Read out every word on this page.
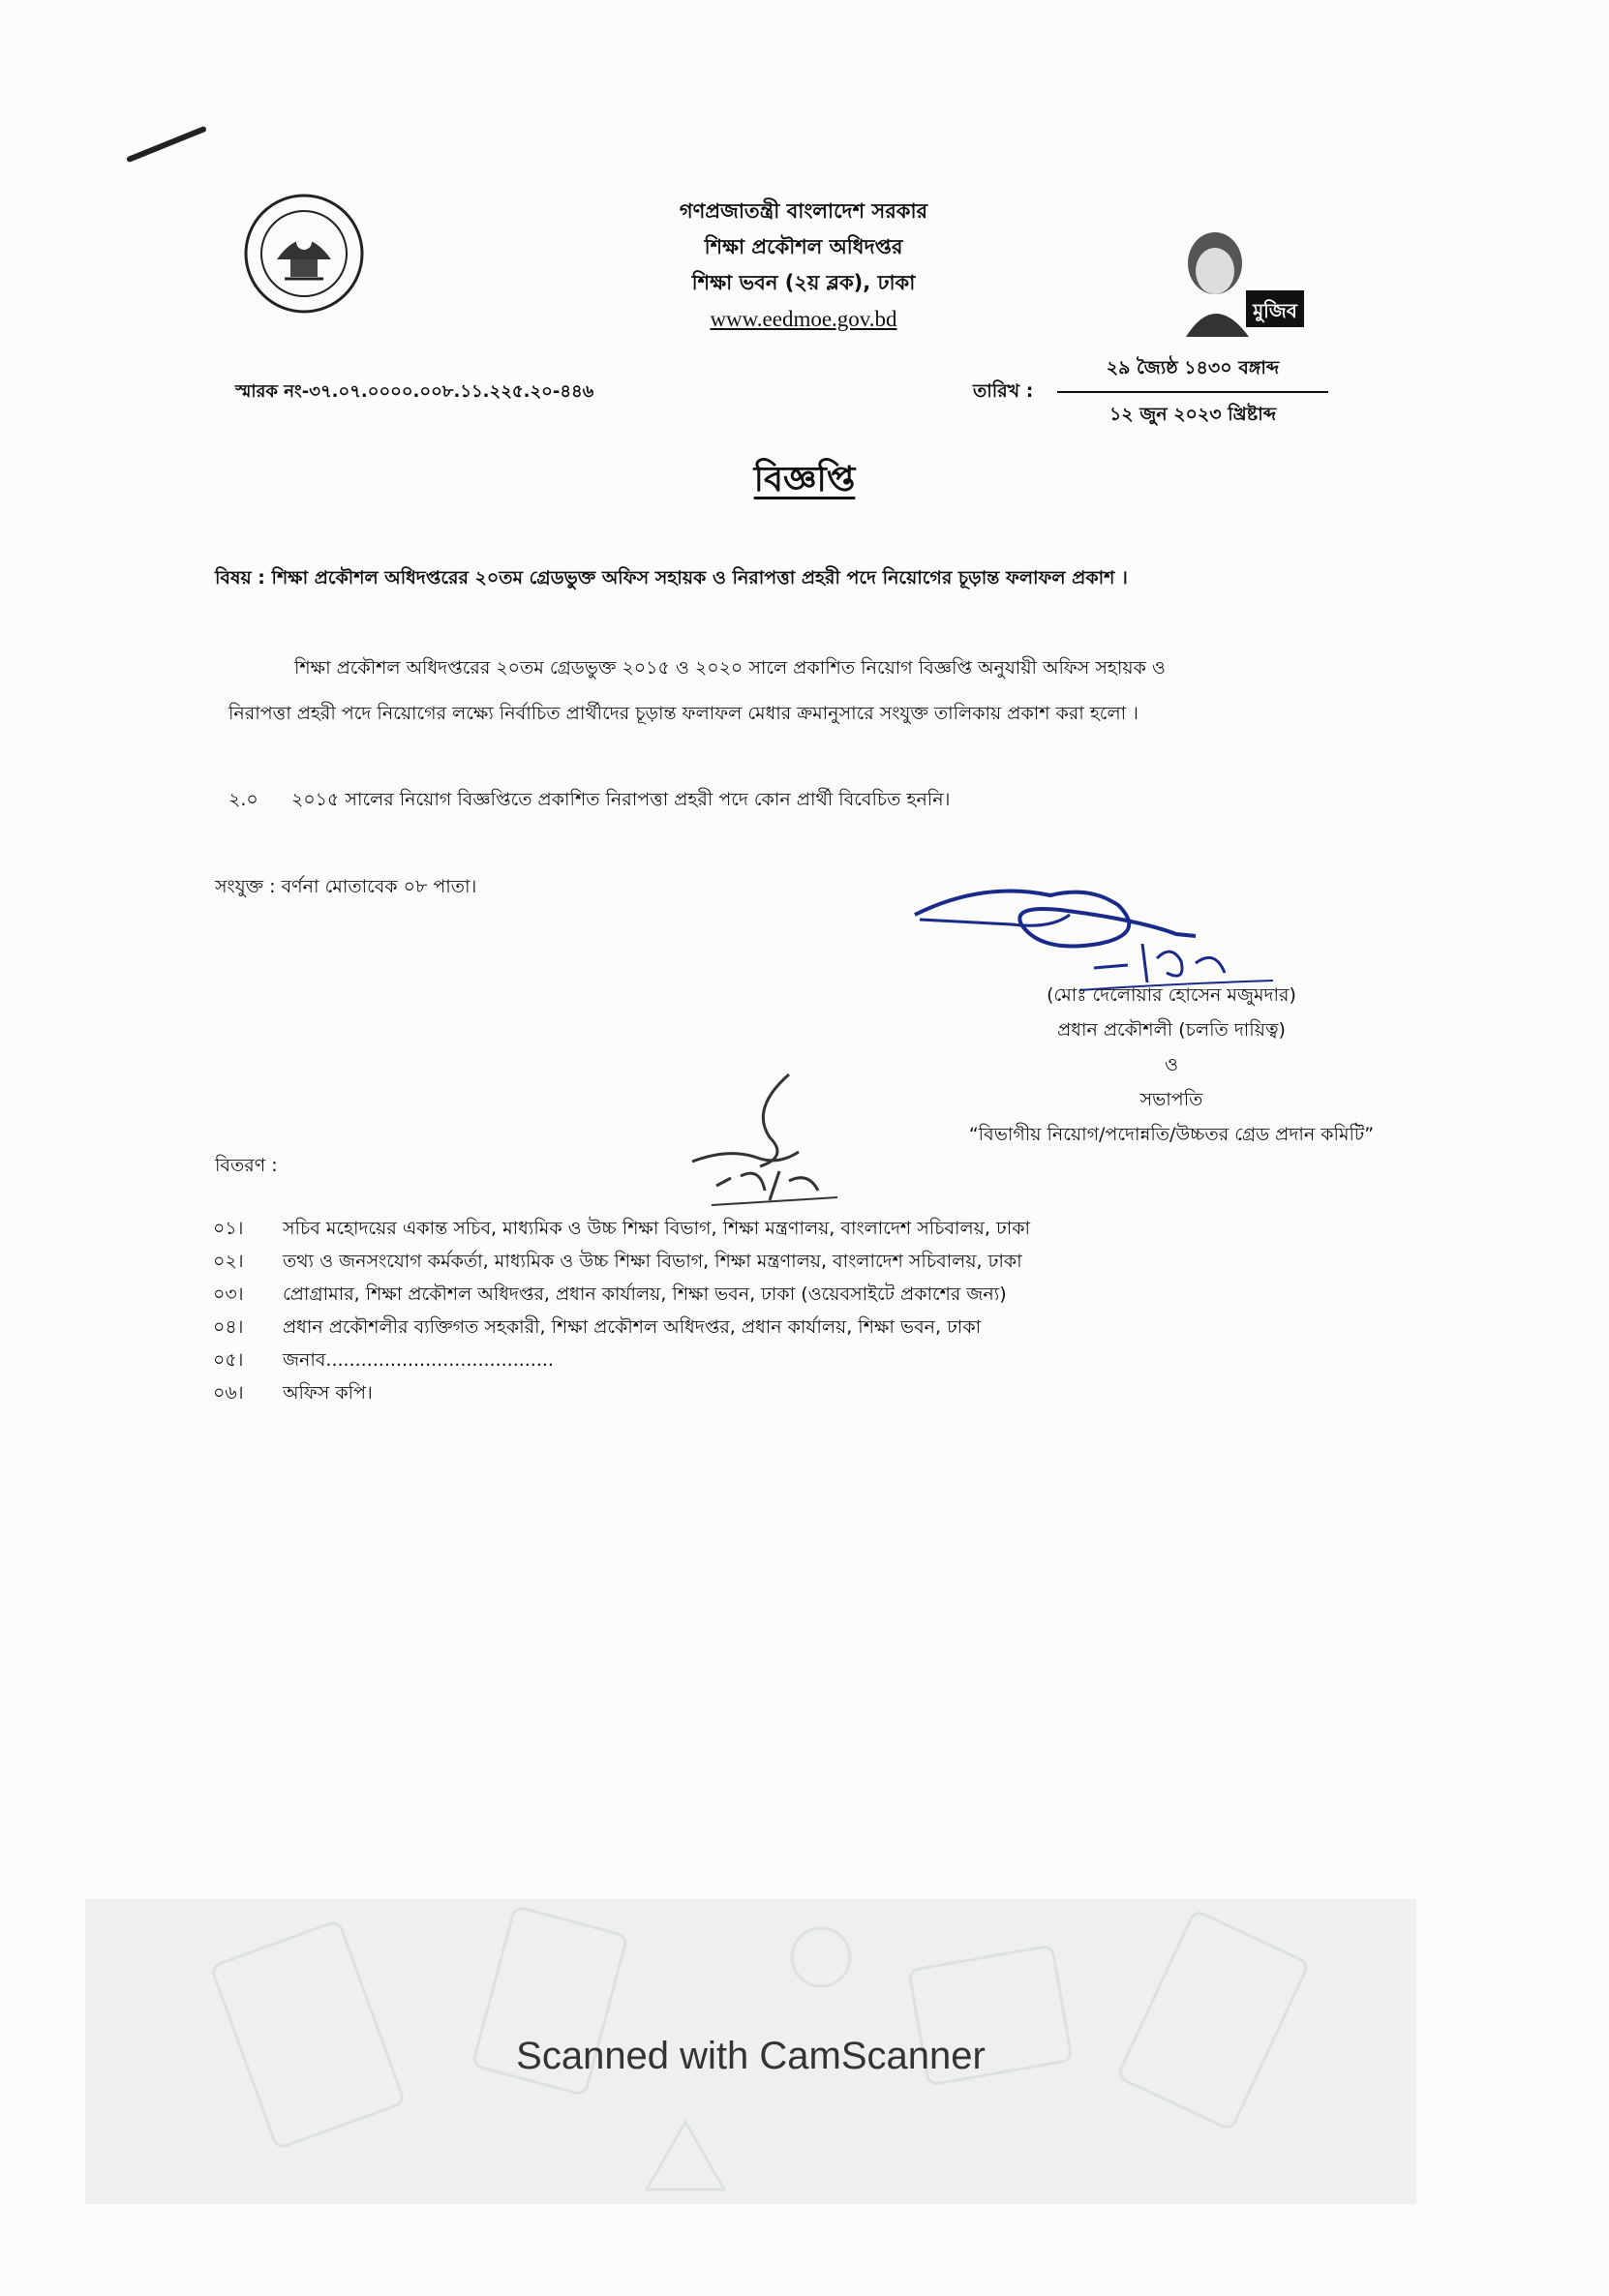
গণপ্রজাতন্ত্রী বাংলাদেশ সরকার
শিক্ষা প্রকৌশল অধিদপ্তর
শিক্ষা ভবন (২য় ব্লক), ঢাকা
www.eedmoe.gov.bd	মুজিব
স্মারক নং-৩৭.০৭.০০০০.০০৮.১১.২২৫.২০-৪৪৬	তারিখ :
২৯ জ্যৈষ্ঠ ১৪৩০ বঙ্গাব্দ
১২ জুন ২০২৩ খ্রিষ্টাব্দ
বিজ্ঞপ্তি
বিষয় : শিক্ষা প্রকৌশল অধিদপ্তরের ২০তম গ্রেডভুক্ত অফিস সহায়ক ও নিরাপত্তা প্রহরী পদে নিয়োগের চূড়ান্ত ফলাফল প্রকাশ ।
শিক্ষা প্রকৌশল অধিদপ্তরের ২০তম গ্রেডভুক্ত ২০১৫ ও ২০২০ সালে প্রকাশিত নিয়োগ বিজ্ঞপ্তি অনুযায়ী অফিস সহায়ক ও
নিরাপত্তা প্রহরী পদে নিয়োগের লক্ষ্যে নির্বাচিত প্রার্থীদের চূড়ান্ত ফলাফল মেধার ক্রমানুসারে সংযুক্ত তালিকায় প্রকাশ করা হলো ।
২.০ ২০১৫ সালের নিয়োগ বিজ্ঞপ্তিতে প্রকাশিত নিরাপত্তা প্রহরী পদে কোন প্রার্থী বিবেচিত হননি।
সংযুক্ত : বর্ণনা মোতাবেক ০৮ পাতা।
(মোঃ দেলোয়ার হোসেন মজুমদার)
প্রধান প্রকৌশলী (চলতি দায়িত্ব)
ও
সভাপতি
“বিভাগীয় নিয়োগ/পদোন্নতি/উচ্চতর গ্রেড প্রদান কমিটি”
বিতরণ :
০১। সচিব মহোদয়ের একান্ত সচিব, মাধ্যমিক ও উচ্চ শিক্ষা বিভাগ, শিক্ষা মন্ত্রণালয়, বাংলাদেশ সচিবালয়, ঢাকা
০২। তথ্য ও জনসংযোগ কর্মকর্তা, মাধ্যমিক ও উচ্চ শিক্ষা বিভাগ, শিক্ষা মন্ত্রণালয়, বাংলাদেশ সচিবালয়, ঢাকা
০৩। প্রোগ্রামার, শিক্ষা প্রকৌশল অধিদপ্তর, প্রধান কার্যালয়, শিক্ষা ভবন, ঢাকা (ওয়েবসাইটে প্রকাশের জন্য)
০৪। প্রধান প্রকৌশলীর ব্যক্তিগত সহকারী, শিক্ষা প্রকৌশল অধিদপ্তর, প্রধান কার্যালয়, শিক্ষা ভবন, ঢাকা
০৫। জনাব.......................................
০৬। অফিস কপি।
Scanned with CamScanner
